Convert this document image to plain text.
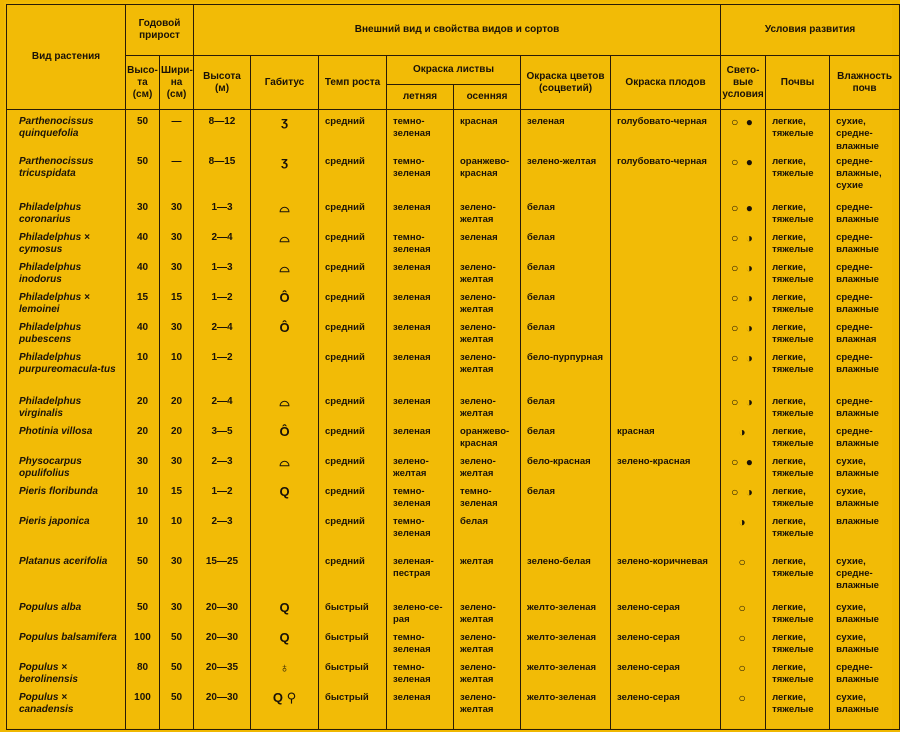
Вид растения	Годовой прирост		Внешний вид и свойства видов и сортов							Условия развития		
	Высо-та (см)	Шири-на (см)	Высота (м)	Габитус	Темп роста	Окраска листвы		Окраска цветов (соцветий)	Окраска плодов	Свето-вые условия	Почвы	Влажность почв
						летняя	осенняя					
Parthenocissus quinquefolia	50	—	8—12	ʒ	средний	темно-зеленая	красная	зеленая	голубовато-черная	○ ●	легкие, тяжелые	сухие, средне-влажные
Parthenocissus tricuspidata	50	—	8—15	ʒ	средний	темно-зеленая	оранжево-красная	зелено-желтая	голубовато-черная	○ ●	легкие, тяжелые	средне-влажные, сухие
Philadelphus coronarius	30	30	1—3	⌓	средний	зеленая	зелено-желтая	белая		○ ●	легкие, тяжелые	средне-влажные
Philadelphus × cymosus	40	30	2—4	⌓	средний	темно-зеленая	зеленая	белая		○ ◑	легкие, тяжелые	средне-влажные
Philadelphus inodorus	40	30	1—3	⌓	средний	зеленая	зелено-желтая	белая		○ ◑	легкие, тяжелые	средне-влажные
Philadelphus × lemoinei	15	15	1—2	Ô	средний	зеленая	зелено-желтая	белая		○ ◑	легкие, тяжелые	средне-влажные
Philadelphus pubescens	40	30	2—4	Ô	средний	зеленая	зелено-желтая	белая		○ ◑	легкие, тяжелые	средне-влажная
Philadelphus purpureomacula-tus	10	10	1—2		средний	зеленая	зелено-желтая	бело-пурпурная		○ ◑	легкие, тяжелые	средне-влажные
Philadelphus virginalis	20	20	2—4	⌓	средний	зеленая	зелено-желтая	белая		○ ◑	легкие, тяжелые	средне-влажные
Photinia villosa	20	20	3—5	Ô	средний	зеленая	оранжево-красная	белая	красная	◑	легкие, тяжелые	средне-влажные
Physocarpus opulifolius	30	30	2—3	⌓	средний	зелено-желтая	зелено-желтая	бело-красная	зелено-красная	○ ●	легкие, тяжелые	сухие, влажные
Pieris floribunda	10	15	1—2	Q	средний	темно-зеленая	темно-зеленая	белая		○ ◑	легкие, тяжелые	сухие, влажные
Pieris japonica	10	10	2—3		средний	темно-зеленая	белая			◑	легкие, тяжелые	влажные
Platanus acerifolia	50	30	15—25		средний	зеленая-пестрая	желтая	зелено-белая	зелено-коричневая	○	легкие, тяжелые	сухие, средне-влажные
Populus alba	50	30	20—30	Q	быстрый	зелено-се-рая	зелено-желтая	желто-зеленая	зелено-серая	○	легкие, тяжелые	сухие, влажные
Populus balsamifera	100	50	20—30	Q	быстрый	темно-зеленая	зелено-желтая	желто-зеленая	зелено-серая	○	легкие, тяжелые	сухие, влажные
Populus × berolinensis	80	50	20—35	♁	быстрый	темно-зеленая	зелено-желтая	желто-зеленая	зелено-серая	○	легкие, тяжелые	средне-влажные
Populus × canadensis	100	50	20—30	Q ⚲	быстрый	зеленая	зелено-желтая	желто-зеленая	зелено-серая	○	легкие, тяжелые	сухие, влажные
